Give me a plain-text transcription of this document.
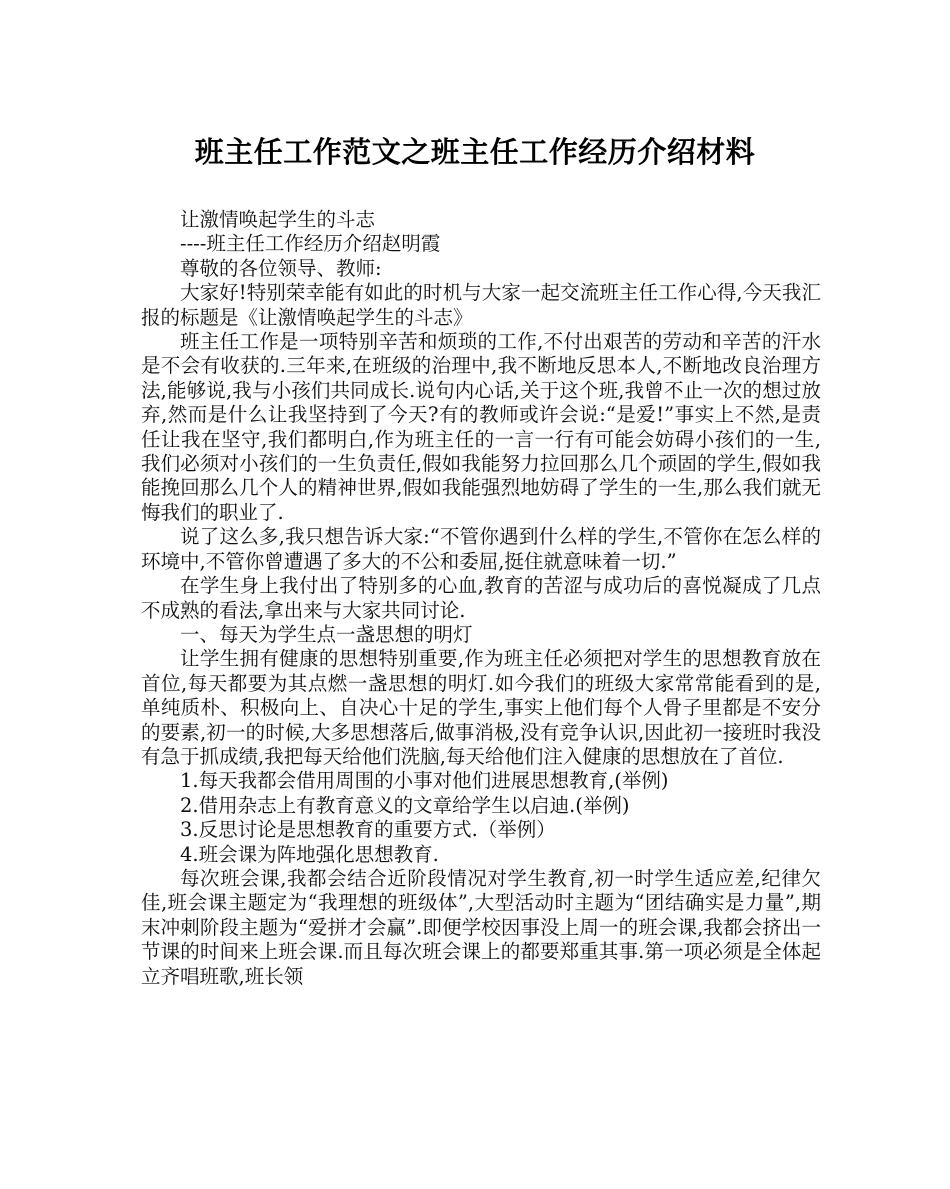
班主任工作范文之班主任工作经历介绍材料

让激情唤起学生的斗志

----班主任工作经历介绍赵明霞

尊敬的各位领导、教师:

大家好!特别荣幸能有如此的时机与大家一起交流班主任工作心得,今天我汇报的标题是《让激情唤起学生的斗志》

班主任工作是一项特别辛苦和烦琐的工作,不付出艰苦的劳动和辛苦的汗水是不会有收获的.三年来,在班级的治理中,我不断地反思本人,不断地改良治理方法,能够说,我与小孩们共同成长.说句内心话,关于这个班,我曾不止一次的想过放弃,然而是什么让我坚持到了今天?有的教师或许会说:“是爱!”事实上不然,是责任让我在坚守,我们都明白,作为班主任的一言一行有可能会妨碍小孩们的一生,我们必须对小孩们的一生负责任,假如我能努力拉回那么几个顽固的学生,假如我能挽回那么几个人的精神世界,假如我能强烈地妨碍了学生的一生,那么我们就无悔我们的职业了.

说了这么多,我只想告诉大家:“不管你遇到什么样的学生,不管你在怎么样的环境中,不管你曾遭遇了多大的不公和委屈,挺住就意味着一切.”

在学生身上我付出了特别多的心血,教育的苦涩与成功后的喜悦凝成了几点不成熟的看法,拿出来与大家共同讨论.

一、每天为学生点一盏思想的明灯

让学生拥有健康的思想特别重要,作为班主任必须把对学生的思想教育放在首位,每天都要为其点燃一盏思想的明灯.如今我们的班级大家常常能看到的是,单纯质朴、积极向上、自决心十足的学生,事实上他们每个人骨子里都是不安分的要素,初一的时候,大多思想落后,做事消极,没有竞争认识,因此初一接班时我没有急于抓成绩,我把每天给他们洗脑,每天给他们注入健康的思想放在了首位.

1.每天我都会借用周围的小事对他们进展思想教育,(举例)

2.借用杂志上有教育意义的文章给学生以启迪.(举例)

3.反思讨论是思想教育的重要方式.（举例）

4.班会课为阵地强化思想教育.

每次班会课,我都会结合近阶段情况对学生教育,初一时学生适应差,纪律欠佳,班会课主题定为“我理想的班级体”,大型活动时主题为“团结确实是力量”,期末冲刺阶段主题为“爱拼才会赢”.即便学校因事没上周一的班会课,我都会挤出一节课的时间来上班会课.而且每次班会课上的都要郑重其事.第一项必须是全体起立齐唱班歌,班长领
